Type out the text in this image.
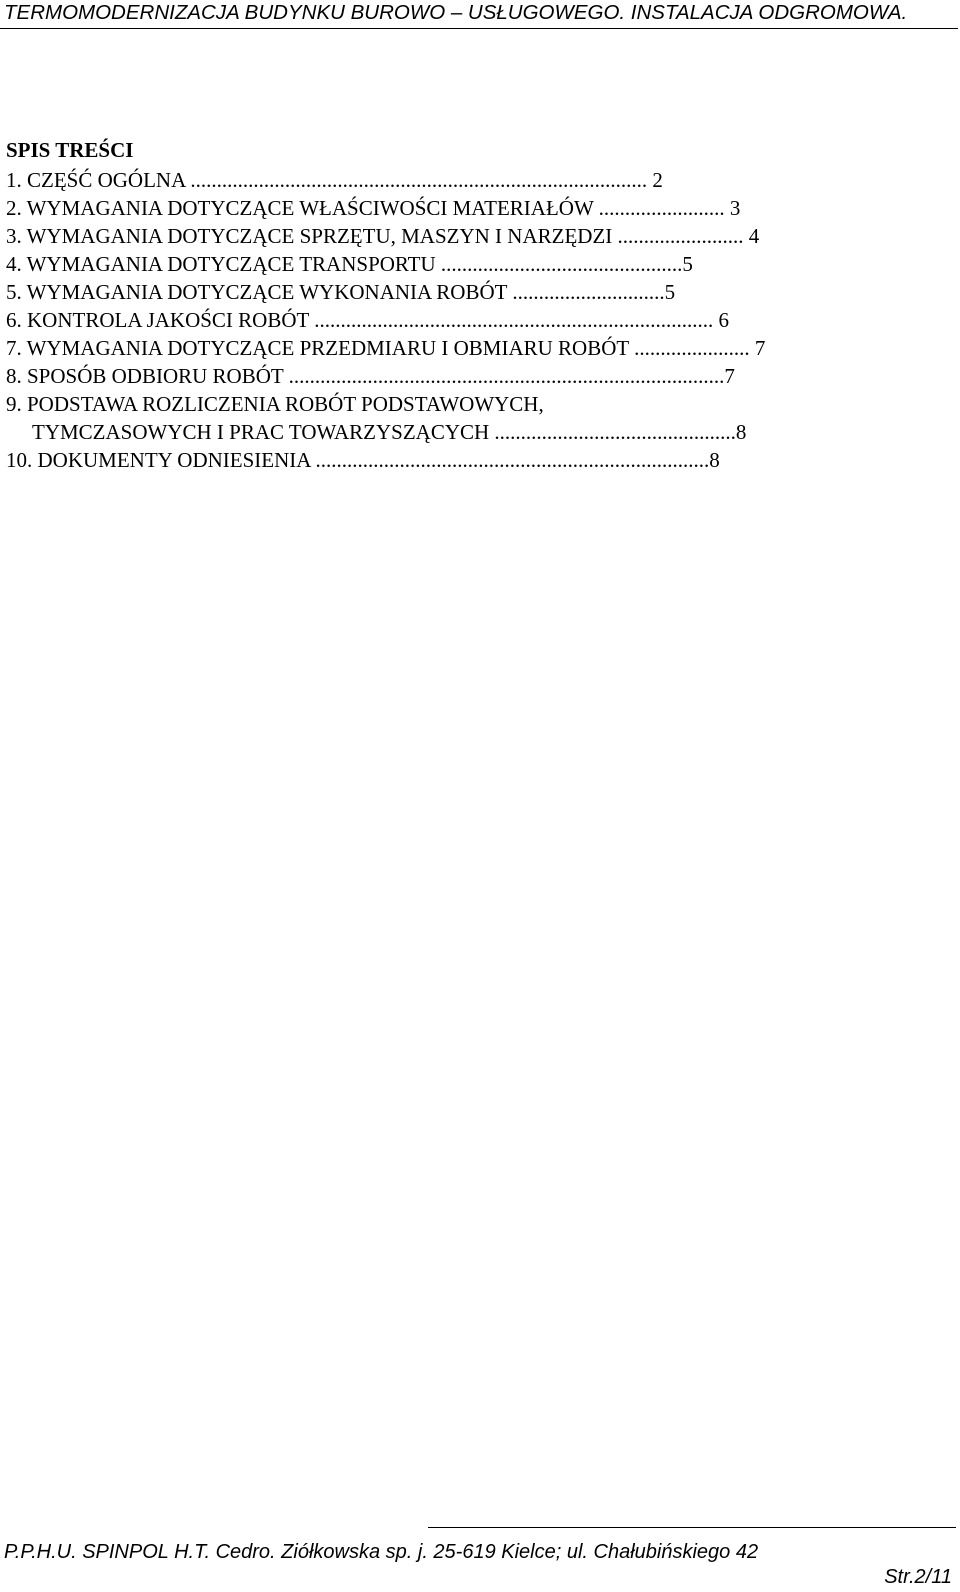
TERMOMODERNIZACJA BUDYNKU BUROWO – USŁUGOWEGO. INSTALACJA ODGROMOWA.
SPIS TREŚCI
1. CZĘŚĆ OGÓLNA ....................................................................................... 2
2. WYMAGANIA DOTYCZĄCE WŁAŚCIWOŚCI MATERIAŁÓW ........................ 3
3. WYMAGANIA DOTYCZĄCE SPRZĘTU, MASZYN I NARZĘDZI ........................ 4
4. WYMAGANIA DOTYCZĄCE TRANSPORTU ..............................................5
5. WYMAGANIA DOTYCZĄCE WYKONANIA ROBÓT .............................5
6. KONTROLA JAKOŚCI ROBÓT ............................................................................ 6
7. WYMAGANIA DOTYCZĄCE PRZEDMIARU I OBMIARU ROBÓT ...................... 7
8. SPOSÓB ODBIORU ROBÓT ...................................................................................7
9. PODSTAWA ROZLICZENIA ROBÓT PODSTAWOWYCH,
TYMCZASOWYCH I PRAC TOWARZYSZĄCYCH ..............................................8
10. DOKUMENTY ODNIESIENIA ...........................................................................8
P.P.H.U. SPINPOL H.T. Cedro. Ziółkowska sp. j. 25-619 Kielce; ul. Chałubińskiego 42
Str.2/11
